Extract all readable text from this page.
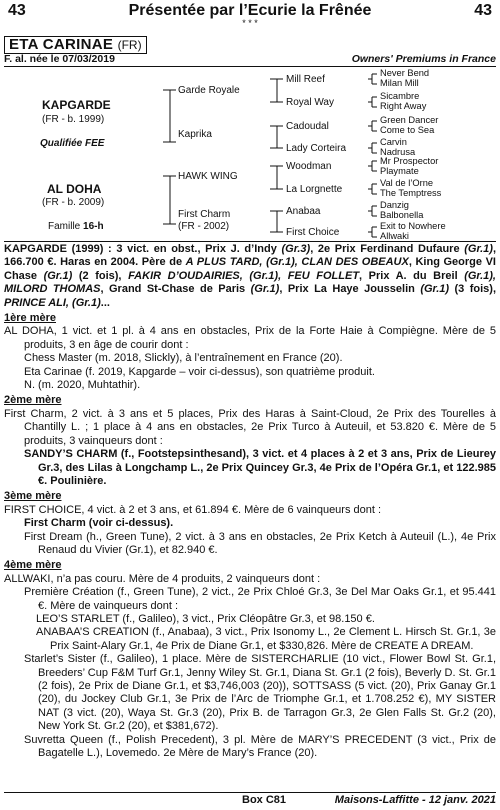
43	Présentée par l’Ecurie la Frênée	43
* * *
ETA CARINAE (FR)
F. al. née le 07/03/2019	Owners' Premiums in France
KAPGARDE
(FR - b. 1999)
Qualifiée FEE
AL DOHA
(FR - b. 2009)
Famille 16-h
Garde Royale
Kaprika
HAWK WING
First Charm
(FR - 2002)
Mill Reef
Royal Way
Cadoudal
Lady Corteira
Woodman
La Lorgnette
Anabaa
First Choice
Never Bend
Milan Mill
Sicambre
Right Away
Green Dancer
Come to Sea
Carvin
Nadrusa
Mr Prospector
Playmate
Val de l’Orne
The Temptress
Danzig
Balbonella
Exit to Nowhere
Allwaki

KAPGARDE (1999) : 3 vict. en obst., Prix J. d’Indy (Gr.3), 2e Prix Ferdinand Dufaure (Gr.1), 166.700 €. Haras en 2004. Père de A PLUS TARD, (Gr.1), CLAN DES OBEAUX, King George VI Chase (Gr.1) (2 fois), FAKIR D’OUDAIRIES, (Gr.1), FEU FOLLET, Prix A. du Breil (Gr.1), MILORD THOMAS, Grand St-Chase de Paris (Gr.1), Prix La Haye Jousselin (Gr.1) (3 fois), PRINCE ALI, (Gr.1)...

1ère mère

AL DOHA, 1 vict. et 1 pl. à 4 ans en obstacles, Prix de la Forte Haie à Compiègne. Mère de 5 produits, 3 en âge de courir dont :

Chess Master (m. 2018, Slickly), à l’entraînement en France (20).

Eta Carinae (f. 2019, Kapgarde – voir ci-dessus), son quatrième produit.

N. (m. 2020, Muhtathir).

2ème mère

First Charm, 2 vict. à 3 ans et 5 places, Prix des Haras à Saint-Cloud, 2e Prix des Tourelles à Chantilly L. ; 1 place à 4 ans en obstacles, 2e Prix Turco à Auteuil, et 53.820 €. Mère de 5 produits, 3 vainqueurs dont :

SANDY’S CHARM (f., Footstepsinthesand), 3 vict. et 4 places à 2 et 3 ans, Prix de Lieurey Gr.3, des Lilas à Longchamp L., 2e Prix Quincey Gr.3, 4e Prix de l’Opéra Gr.1, et 122.985 €. Poulinière.

3ème mère

FIRST CHOICE, 4 vict. à 2 et 3 ans, et 61.894 €. Mère de 6 vainqueurs dont :

First Charm (voir ci-dessus).

First Dream (h., Green Tune), 2 vict. à 3 ans en obstacles, 2e Prix Ketch à Auteuil (L.), 4e Prix Renaud du Vivier (Gr.1), et 82.940 €.

4ème mère

ALLWAKI, n’a pas couru. Mère de 4 produits, 2 vainqueurs dont :

Première Création (f., Green Tune), 2 vict., 2e Prix Chloé Gr.3, 3e Del Mar Oaks Gr.1, et 95.441 €. Mère de vainqueurs dont :

LEO’S STARLET (f., Galileo), 3 vict., Prix Cléopâtre Gr.3, et 98.150 €.

ANABAA’S CREATION (f., Anabaa), 3 vict., Prix Isonomy L., 2e Clement L. Hirsch St. Gr.1, 3e Prix Saint-Alary Gr.1, 4e Prix de Diane Gr.1, et $330,826. Mère de CREATE A DREAM.

Starlet’s Sister (f., Galileo), 1 place. Mère de SISTERCHARLIE (10 vict., Flower Bowl St. Gr.1, Breeders’ Cup F&M Turf Gr.1, Jenny Wiley St. Gr.1, Diana St. Gr.1 (2 fois), Beverly D. St. Gr.1 (2 fois), 2e Prix de Diane Gr.1, et $3,746,003 (20)), SOTTSASS (5 vict. (20), Prix Ganay Gr.1 (20), du Jockey Club Gr.1, 3e Prix de l’Arc de Triomphe Gr.1, et 1.708.252 €), MY SISTER NAT (3 vict. (20), Waya St. Gr.3 (20), Prix B. de Tarragon Gr.3, 2e Glen Falls St. Gr.2 (20), New York St. Gr.2 (20), et $381,672).

Suvretta Queen (f., Polish Precedent), 3 pl. Mère de MARY’S PRECEDENT (3 vict., Prix de Bagatelle L.), Lovemedo. 2e Mère de Mary’s France (20).

Box C81	Maisons-Laffitte - 12 janv. 2021
